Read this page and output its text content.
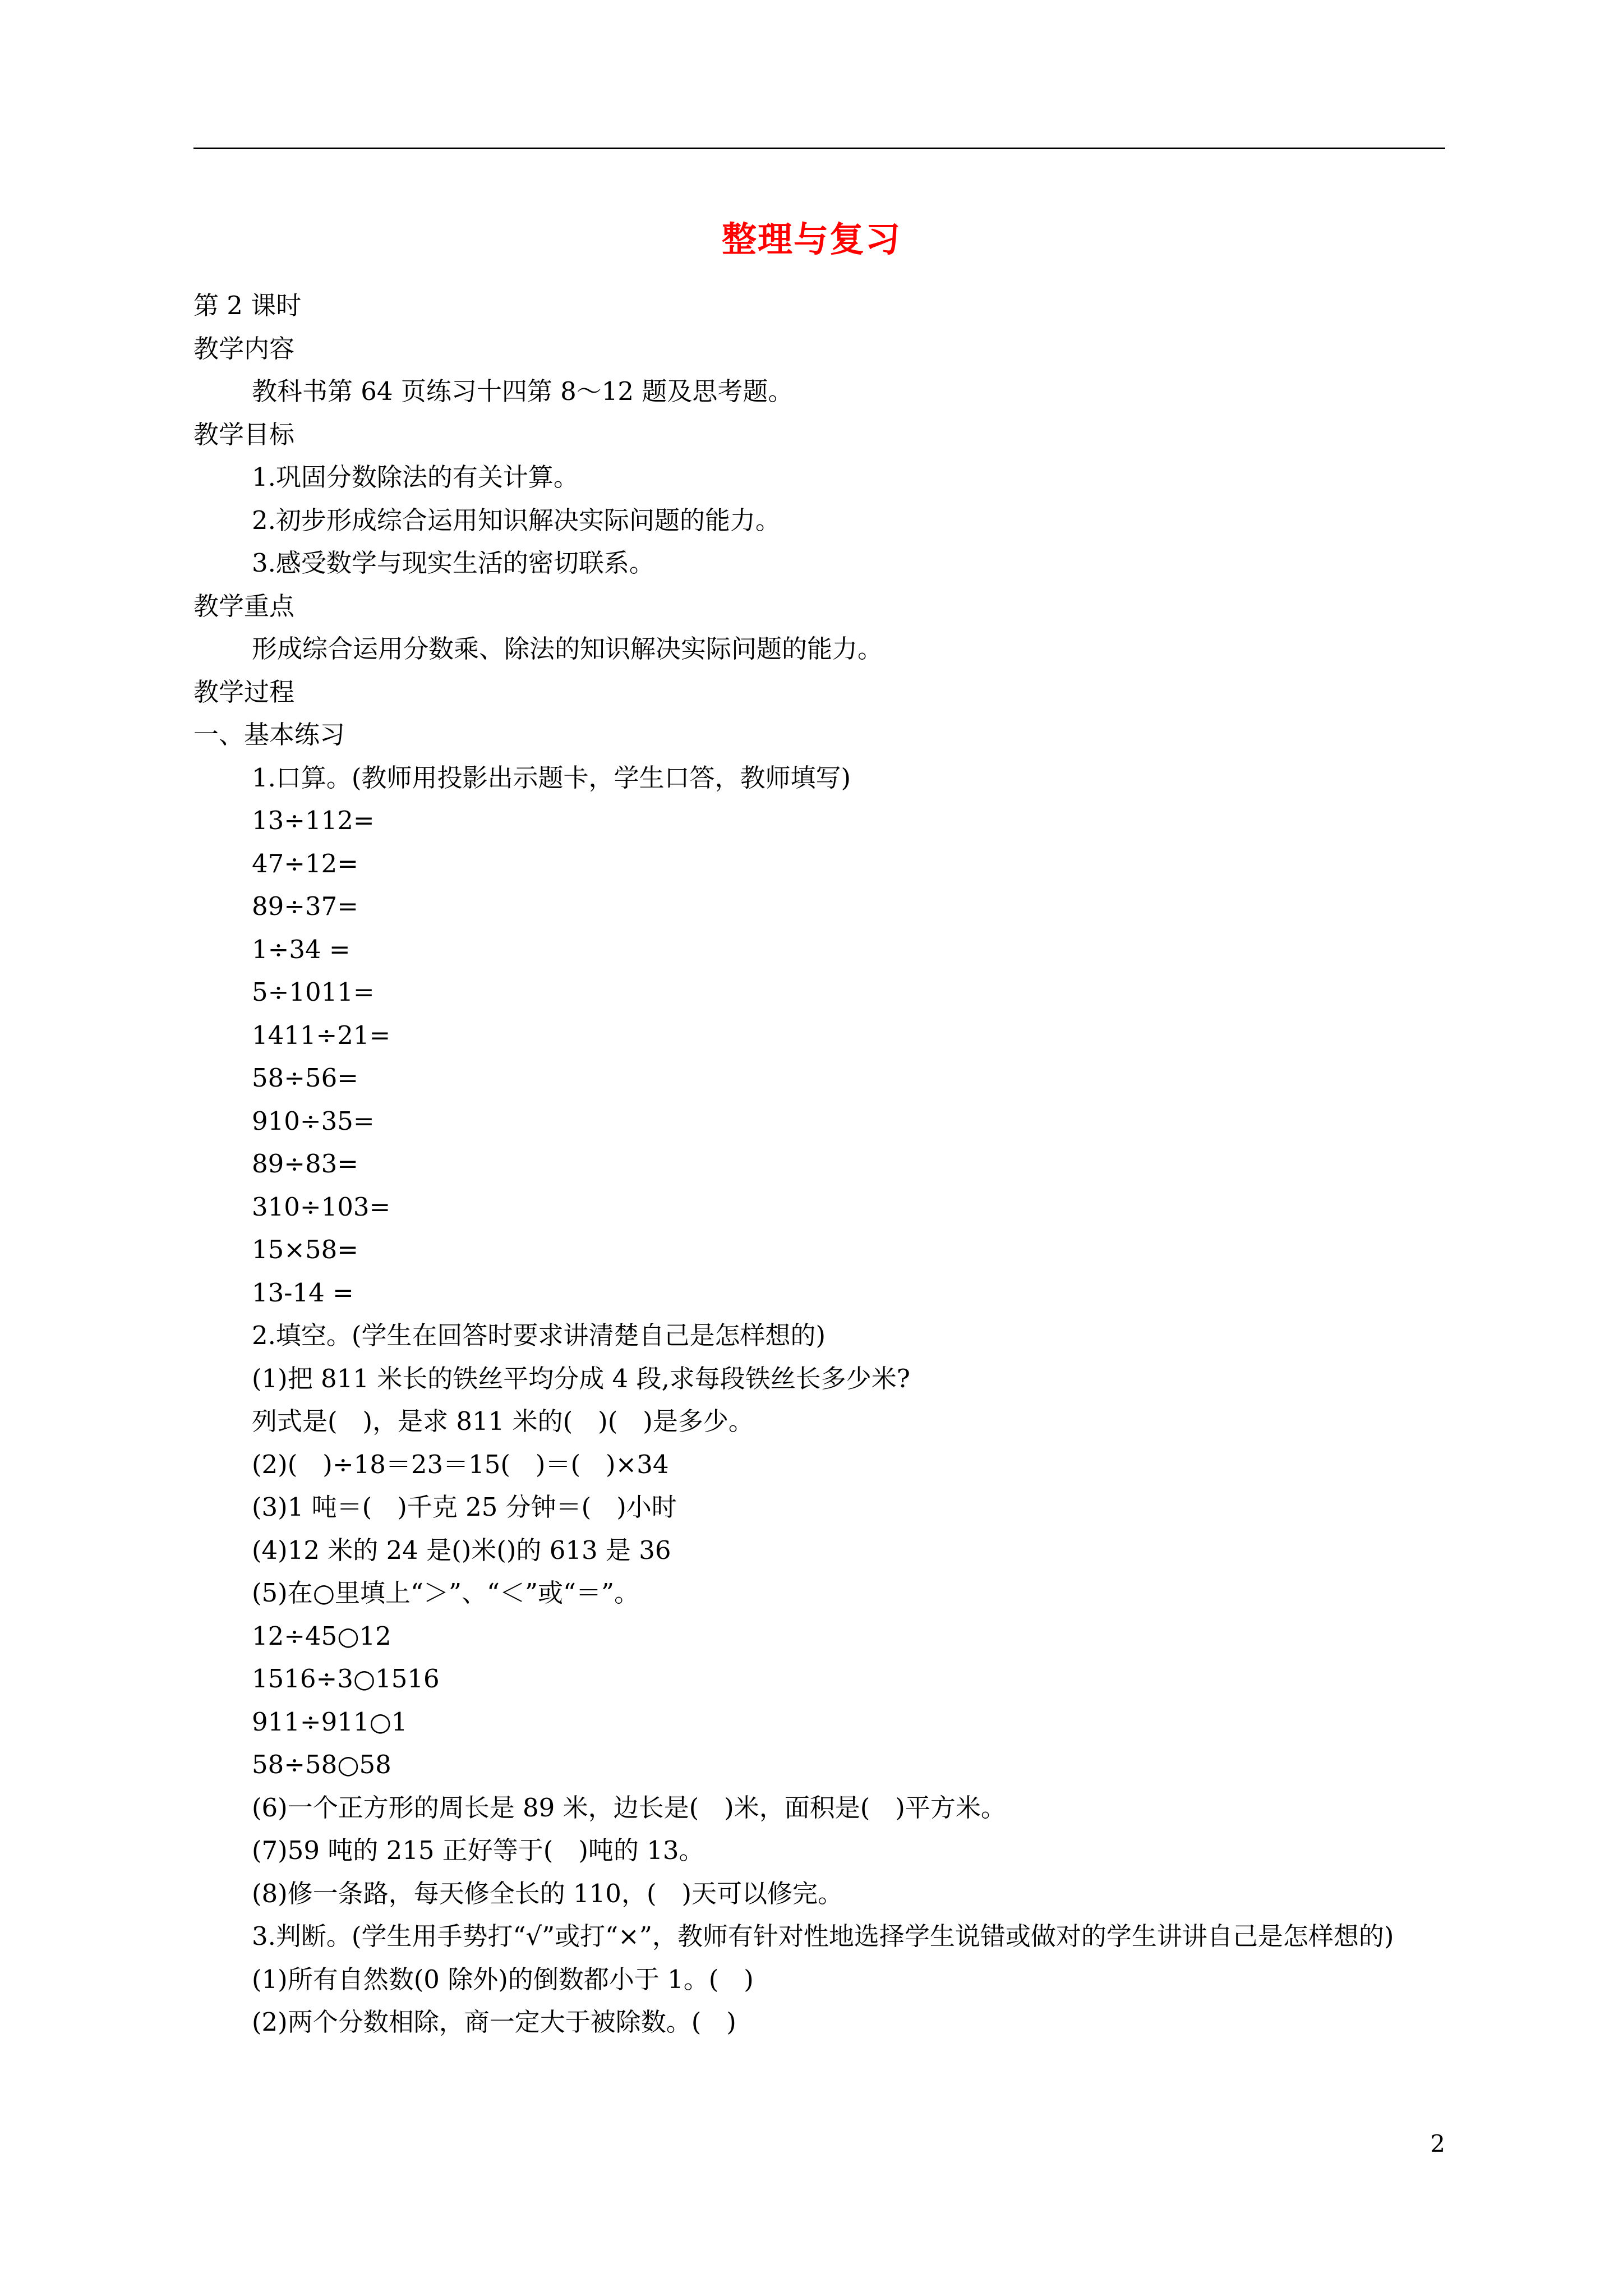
整理与复习
第 2 课时
教学内容
教科书第 64 页练习十四第 8～12 题及思考题。
教学目标
1.巩固分数除法的有关计算。
2.初步形成综合运用知识解决实际问题的能力。
3.感受数学与现实生活的密切联系。
教学重点
形成综合运用分数乘、除法的知识解决实际问题的能力。
教学过程
一、基本练习
1.口算。(教师用投影出示题卡，学生口答，教师填写)
13÷112=
47÷12=
89÷37=
1÷34 =
5÷1011=
1411÷21=
58÷56=
910÷35=
89÷83=
310÷103=
15×58=
13-14 =
2.填空。(学生在回答时要求讲清楚自己是怎样想的)
(1)把 811 米长的铁丝平均分成 4 段,求每段铁丝长多少米?
列式是(　)，是求 811 米的(　)(　)是多少。
(2)(　)÷18＝23＝15(　)＝(　)×34
(3)1 吨＝(　)千克 25 分钟＝(　)小时
(4)12 米的 24 是()米()的 613 是 36
(5)在○里填上“＞”、“＜”或“＝”。
12÷45○12
1516÷3○1516
911÷911○1
58÷58○58
(6)一个正方形的周长是 89 米，边长是(　)米，面积是(　)平方米。
(7)59 吨的 215 正好等于(　)吨的 13。
(8)修一条路，每天修全长的 110，(　)天可以修完。
3.判断。(学生用手势打“√”或打“×”，教师有针对性地选择学生说错或做对的学生讲讲自己是怎样想的)
(1)所有自然数(0 除外)的倒数都小于 1。(　)
(2)两个分数相除，商一定大于被除数。(　)
2
